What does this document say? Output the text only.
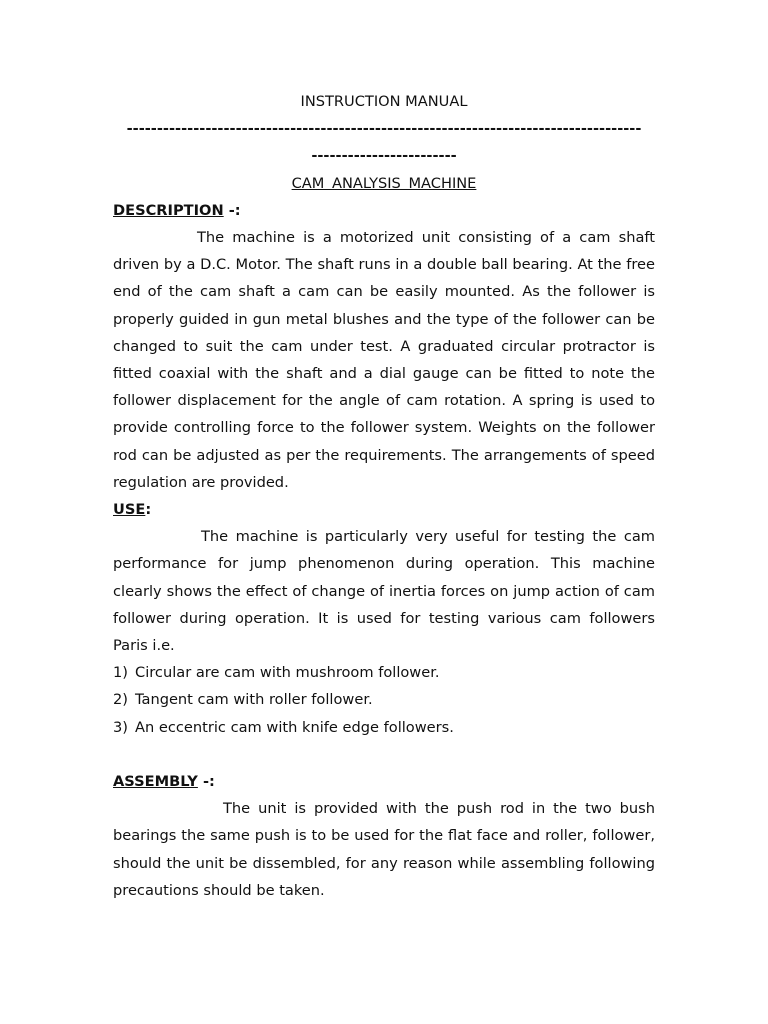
INSTRUCTION MANUAL
-------------------------------------------------------------------------------------
------------------------
CAM ANALYSIS MACHINE
DESCRIPTION -:

The machine is a motorized unit consisting of a cam shaft driven by a D.C. Motor. The shaft runs in a double ball bearing. At the free end of the cam shaft a cam can be easily mounted. As the follower is properly guided in gun metal blushes and the type of the follower can be changed to suit the cam under test. A graduated circular protractor is fitted coaxial with the shaft and a dial gauge can be fitted to note the follower displacement for the angle of cam rotation. A spring is used to provide controlling force to the follower system. Weights on the follower rod can be adjusted as per the requirements. The arrangements of speed regulation are provided.

USE:

The machine is particularly very useful for testing the cam performance for jump phenomenon during operation. This machine clearly shows the effect of change of inertia forces on jump action of cam follower during operation. It is used for testing various cam followers Paris i.e.

1) Circular are cam with mushroom follower.
2) Tangent cam with roller follower.
3) An eccentric cam with knife edge followers.
ASSEMBLY -:

The unit is provided with the push rod in the two bush bearings the same push is to be used for the flat face and roller, follower, should the unit be dissembled, for any reason while assembling following precautions should be taken.
